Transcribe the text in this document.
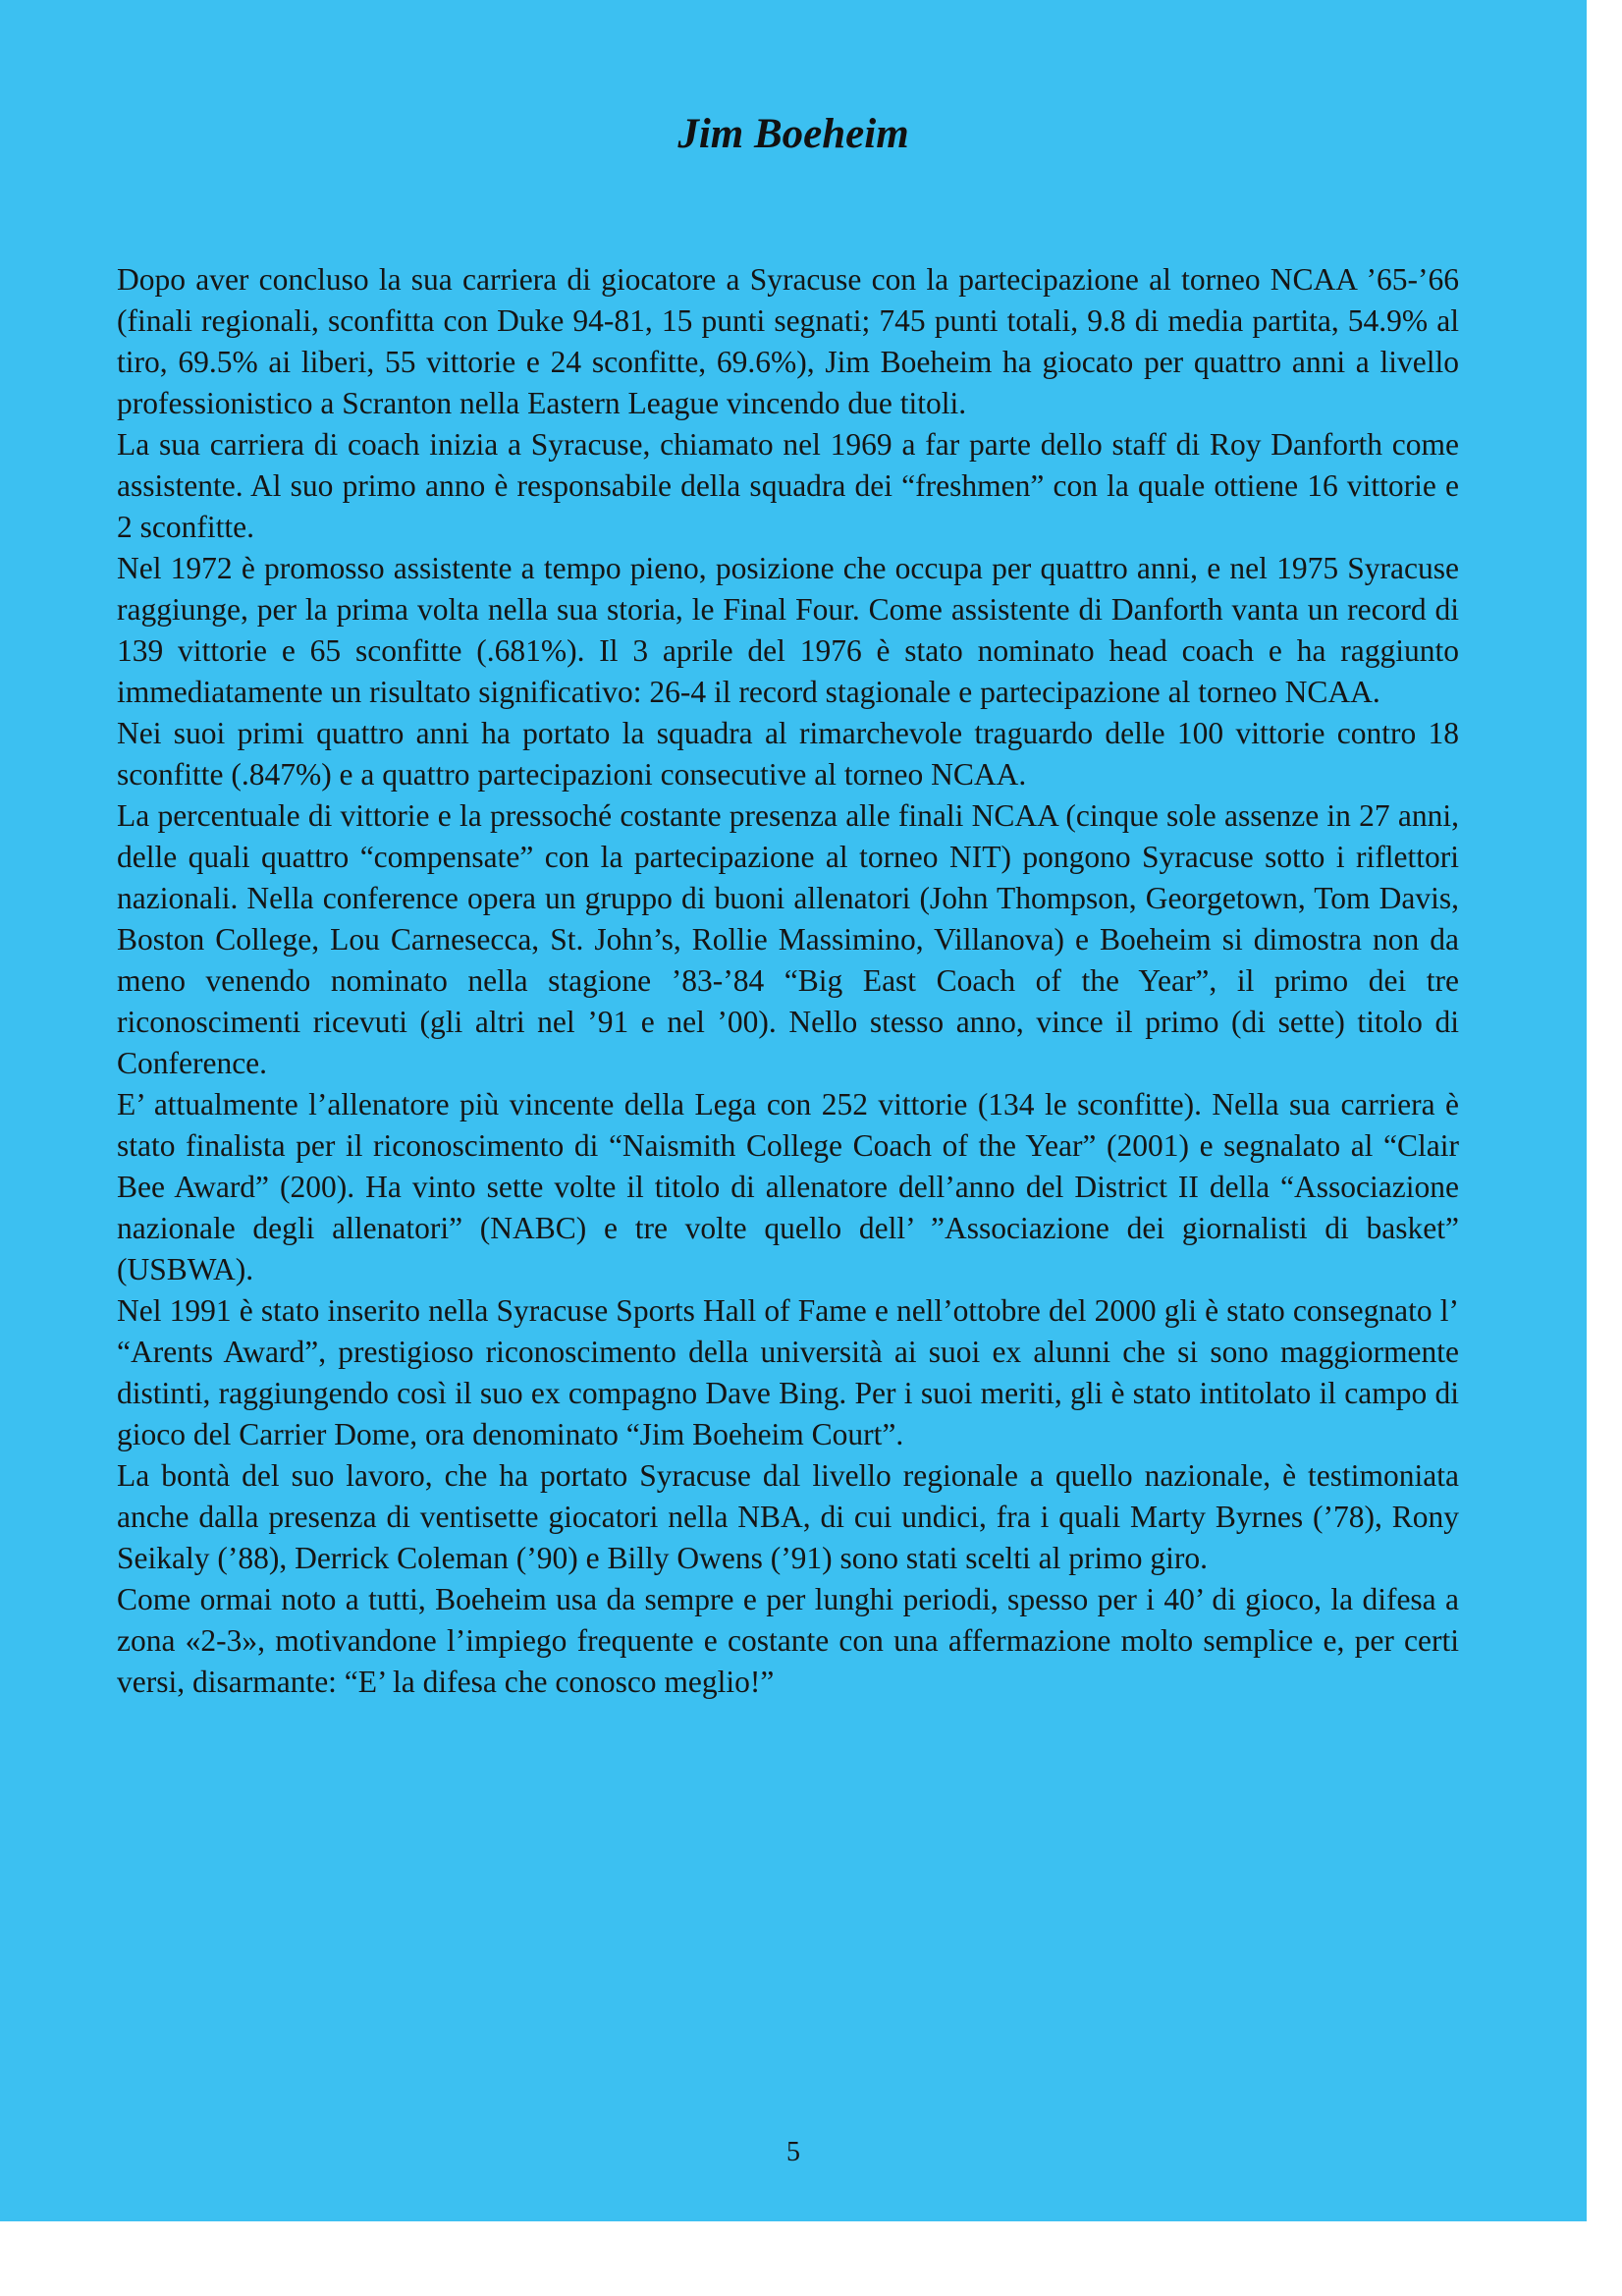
Jim Boeheim

Dopo aver concluso la sua carriera di giocatore a Syracuse con la partecipazione al torneo NCAA ’65-’66 (finali regionali, sconfitta con Duke 94-81, 15 punti segnati; 745 punti totali, 9.8 di media partita, 54.9% al tiro, 69.5% ai liberi, 55 vittorie e 24 sconfitte, 69.6%), Jim Boeheim ha giocato per quattro anni a livello professionistico a Scranton nella Eastern League vincendo due titoli.

La sua carriera di coach inizia a Syracuse, chiamato nel 1969 a far parte dello staff di Roy Danforth come assistente. Al suo primo anno è responsabile della squadra dei “freshmen” con la quale ottiene 16 vittorie e 2 sconfitte.

Nel 1972 è promosso assistente a tempo pieno, posizione che occupa per quattro anni, e nel 1975 Syracuse raggiunge, per la prima volta nella sua storia, le Final Four. Come assistente di Danforth vanta un record di 139 vittorie e 65 sconfitte (.681%). Il 3 aprile del 1976 è stato nominato head coach e ha raggiunto immediatamente un risultato significativo: 26-4 il record stagionale e partecipazione al torneo NCAA.

Nei suoi primi quattro anni ha portato la squadra al rimarchevole traguardo delle 100 vittorie contro 18 sconfitte (.847%) e a quattro partecipazioni consecutive al torneo NCAA.

La percentuale di vittorie e la pressoché costante presenza alle finali NCAA (cinque sole assenze in 27 anni, delle quali quattro “compensate” con la partecipazione al torneo NIT) pongono Syracuse sotto i riflettori nazionali. Nella conference opera un gruppo di buoni allenatori (John Thompson, Georgetown, Tom Davis, Boston College, Lou Carnesecca, St. John’s, Rollie Massimino, Villanova) e Boeheim si dimostra non da meno venendo nominato nella stagione ’83-’84 “Big East Coach of the Year”, il primo dei tre riconoscimenti ricevuti (gli altri nel ’91 e nel ’00). Nello stesso anno, vince il primo (di sette) titolo di Conference.

E’ attualmente l’allenatore più vincente della Lega con 252 vittorie (134 le sconfitte). Nella sua carriera è stato finalista per il riconoscimento di “Naismith College Coach of the Year” (2001) e segnalato al “Clair Bee Award” (200). Ha vinto sette volte il titolo di allenatore dell’anno del District II della “Associazione nazionale degli allenatori” (NABC) e tre volte quello dell’ ”Associazione dei giornalisti di basket” (USBWA).

Nel 1991 è stato inserito nella Syracuse Sports Hall of Fame e nell’ottobre del 2000 gli è stato consegnato l’ “Arents Award”, prestigioso riconoscimento della università ai suoi ex alunni che si sono maggiormente distinti, raggiungendo così il suo ex compagno Dave Bing. Per i suoi meriti, gli è stato intitolato il campo di gioco del Carrier Dome, ora denominato “Jim Boeheim Court”.

La bontà del suo lavoro, che ha portato Syracuse dal livello regionale a quello nazionale, è testimoniata anche dalla presenza di ventisette giocatori nella NBA, di cui undici, fra i quali Marty Byrnes (’78), Rony Seikaly (’88), Derrick Coleman (’90) e Billy Owens (’91) sono stati scelti al primo giro.

Come ormai noto a tutti, Boeheim usa da sempre e per lunghi periodi, spesso per i 40’ di gioco, la difesa a zona «2-3», motivandone l’impiego frequente e costante con una affermazione molto semplice e, per certi versi, disarmante: “E’ la difesa che conosco meglio!”

5
